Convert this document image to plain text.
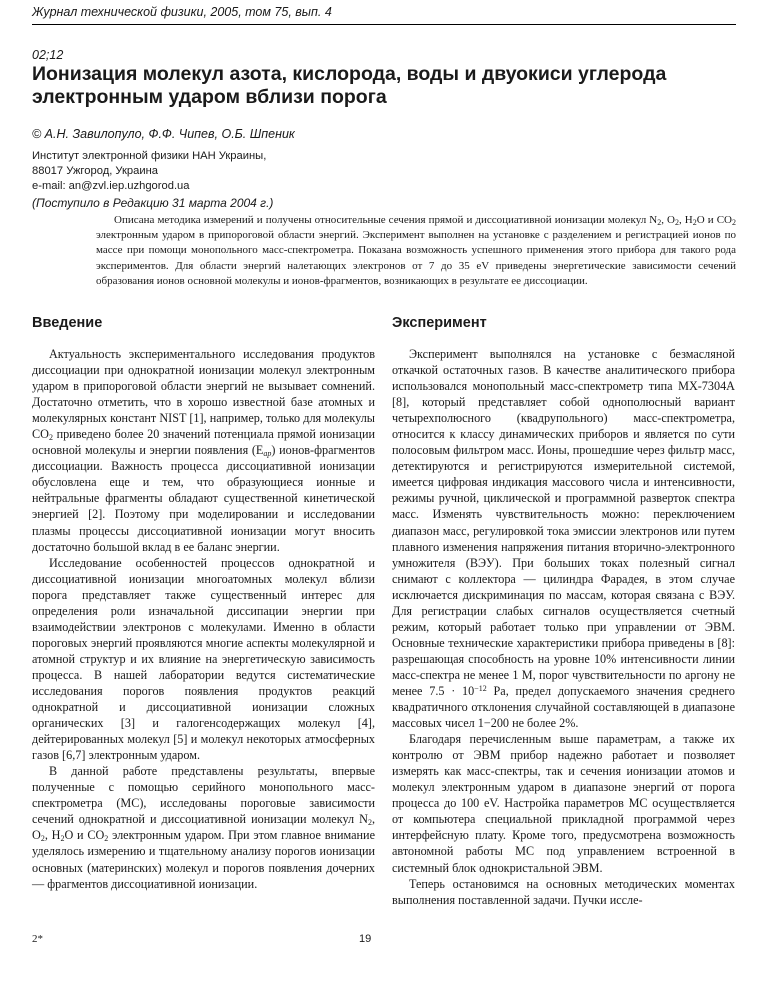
Журнал технической физики, 2005, том 75, вып. 4
02;12
Ионизация молекул азота, кислорода, воды и двуокиси углерода
электронным ударом вблизи порога
© А.Н. Завилопуло, Ф.Ф. Чипев, О.Б. Шпеник
Институт электронной физики НАН Украины,
88017 Ужгород, Украина
e-mail: an@zvl.iep.uzhgorod.ua
(Поступило в Редакцию 31 марта 2004 г.)

Описана методика измерений и получены относительные сечения прямой и диссоциативной ионизации молекул $N_2$, $O_2$, $H_2O$ и $CO_2$ электронным ударом в припороговой области энергий. Эксперимент выполнен на установке с разделением и регистрацией ионов по массе при помощи монопольного масс-спектрометра. Показана возможность успешного применения этого прибора для такого рода экспериментов. Для области энергий налетающих электронов от 7 до 35 eV приведены энергетические зависимости сечений образования ионов основной молекулы и ионов-фрагментов, возникающих в результате ее диссоциации.

Введение	Эксперимент

Актуальность экспериментального исследования продуктов диссоциации при однократной ионизации молекул электронным ударом в припороговой области энергий не вызывает сомнений. Достаточно отметить, что в хорошо известной базе атомных и молекулярных констант NIST [1], например, только для молекулы $CO_2$ приведено более 20 значений потенциала прямой ионизации основной молекулы и энергии появления $(E_{ap})$ ионов-фрагментов диссоциации. Важность процесса диссоциативной ионизации обусловлена еще и тем, что образующиеся ионные и нейтральные фрагменты обладают существенной кинетической энергией [2]. Поэтому при моделировании и исследовании плазмы процессы диссоциативной ионизации могут вносить достаточно большой вклад в ее баланс энергии.

Исследование особенностей процессов однократной и диссоциативной ионизации многоатомных молекул вблизи порога представляет также существенный интерес для определения роли изначальной диссипации энергии при взаимодействии электронов с молекулами. Именно в области пороговых энергий проявляются многие аспекты молекулярной и атомной структур и их влияние на энергетическую зависимость процесса. В нашей лаборатории ведутся систематические исследования порогов появления продуктов реакций однократной и диссоциативной ионизации сложных органических [3] и галогенсодержащих молекул [4], дейтерированных молекул [5] и молекул некоторых атмосферных газов [6,7] электронным ударом.

В данной работе представлены результаты, впервые полученные с помощью серийного монопольного масс-спектрометра (МС), исследованы пороговые зависимости сечений однократной и диссоциативной ионизации молекул $N_2$, $O_2$, $H_2O$ и $CO_2$ электронным ударом. При этом главное внимание уделялось измерению и тщательному анализу порогов ионизации основных (материнских) молекул и порогов появления дочерних — фрагментов диссоциативной ионизации.

Эксперимент выполнялся на установке с безмасляной откачкой остаточных газов. В качестве аналитического прибора использовался монопольный масс-спектрометр типа МХ-7304А [8], который представляет собой однополюсный вариант четырехполюсного (квадрупольного) масс-спектрометра, относится к классу динамических приборов и является по сути полосовым фильтром масс. Ионы, прошедшие через фильтр масс, детектируются и регистрируются измерительной системой, имеется цифровая индикация массового числа и интенсивности, режимы ручной, циклической и программной разверток спектра масс. Изменять чувствительность можно: переключением диапазон масс, регулировкой тока эмиссии электронов или путем плавного изменения напряжения питания вторично-электронного умножителя (ВЭУ). При больших токах полезный сигнал снимают с коллектора — цилиндра Фарадея, в этом случае исключается дискриминация по массам, которая связана с ВЭУ. Для регистрации слабых сигналов осуществляется счетный режим, который работает только при управлении от ЭВМ. Основные технические характеристики прибора приведены в [8]: разрешающая способность на уровне 10% интенсивности линии масс-спектра не менее 1 M, порог чувствительности по аргону не менее $7.5 \cdot 10^{-12}$ Pa, предел допускаемого значения среднего квадратичного отклонения случайной составляющей в диапазоне массовых чисел 1−200 не более 2%.

Благодаря перечисленным выше параметрам, а также их контролю от ЭВМ прибор надежно работает и позволяет измерять как масс-спектры, так и сечения ионизации атомов и молекул электронным ударом в диапазоне энергий от порога процесса до 100 eV. Настройка параметров МС осуществляется от компьютера специальной прикладной программой через интерфейсную плату. Кроме того, предусмотрена возможность автономной работы МС под управлением встроенной в системный блок однокристальной ЭВМ.

Теперь остановимся на основных методических моментах выполнения поставленной задачи. Пучки иссле-

2*	19
